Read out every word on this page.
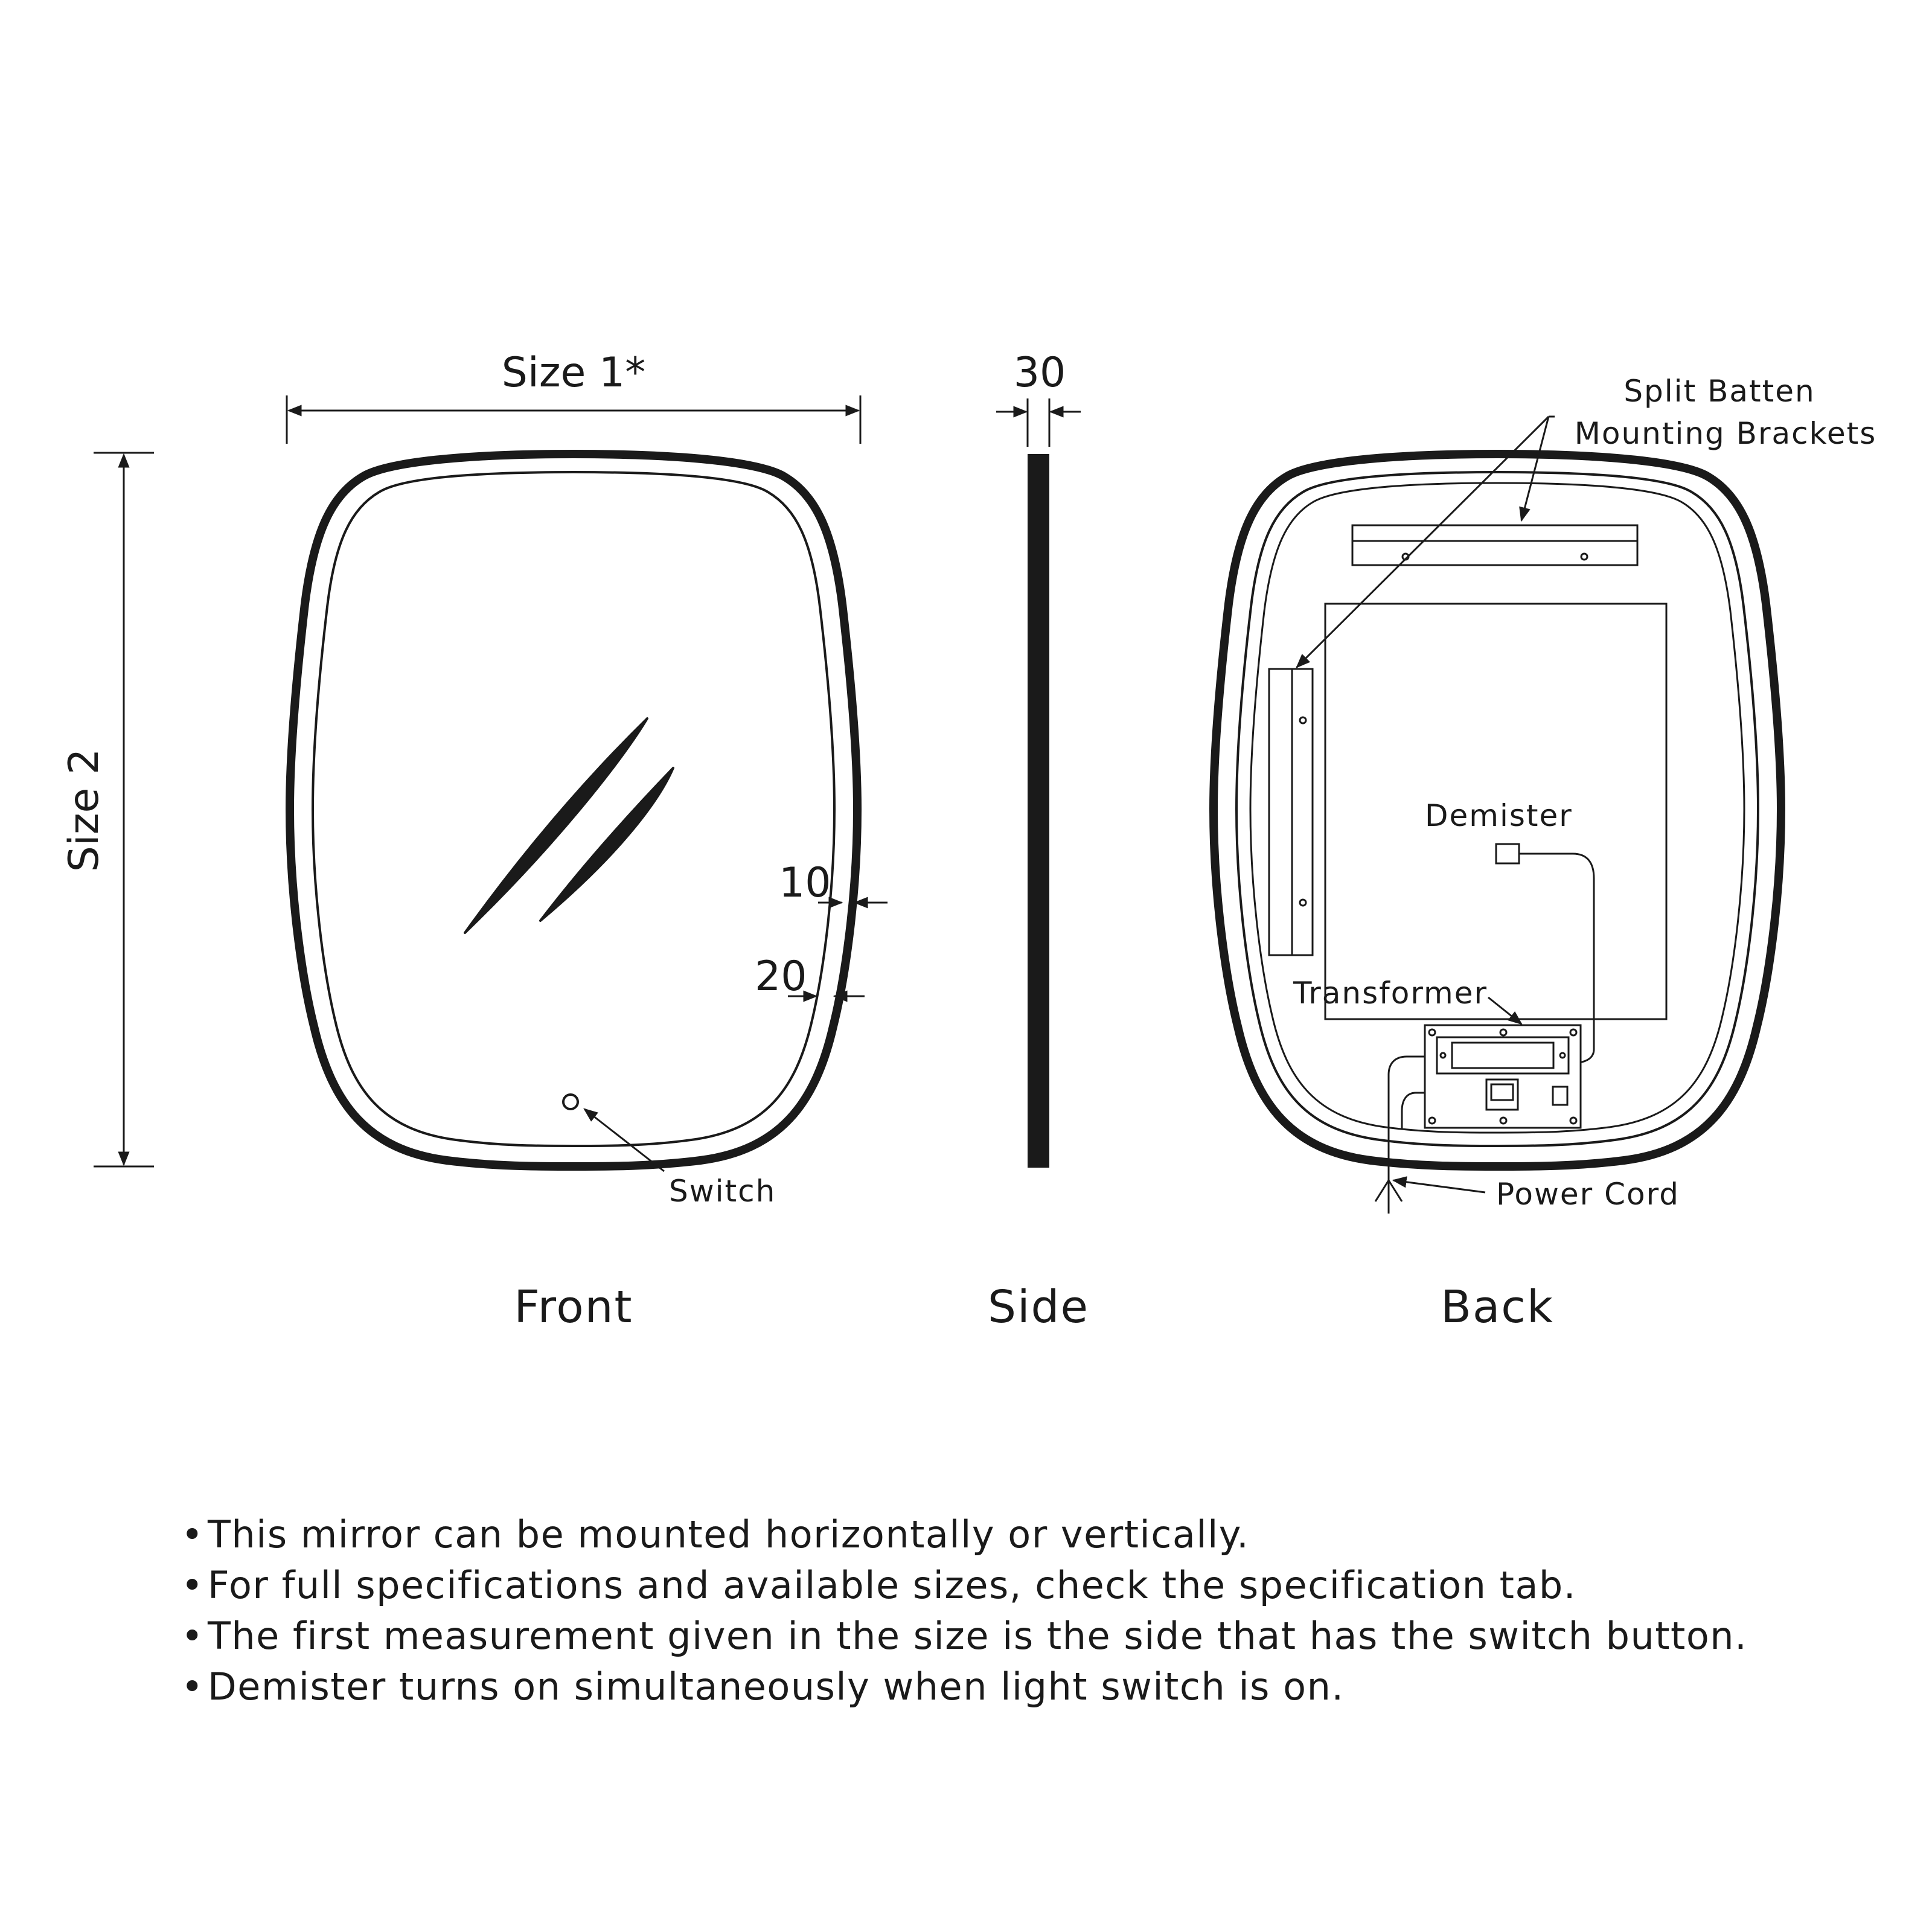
Size 1*
Size 2
Switch
10
20
Front
30
Side
Split Batten
Mounting Brackets
Demister
Transformer
Power Cord
Back
• This mirror can be mounted horizontally or vertically.
• For full specifications and available sizes, check the specification tab.
• The first measurement given in the size is the side that has the switch button.
• Demister turns on simultaneously when light switch is on.
